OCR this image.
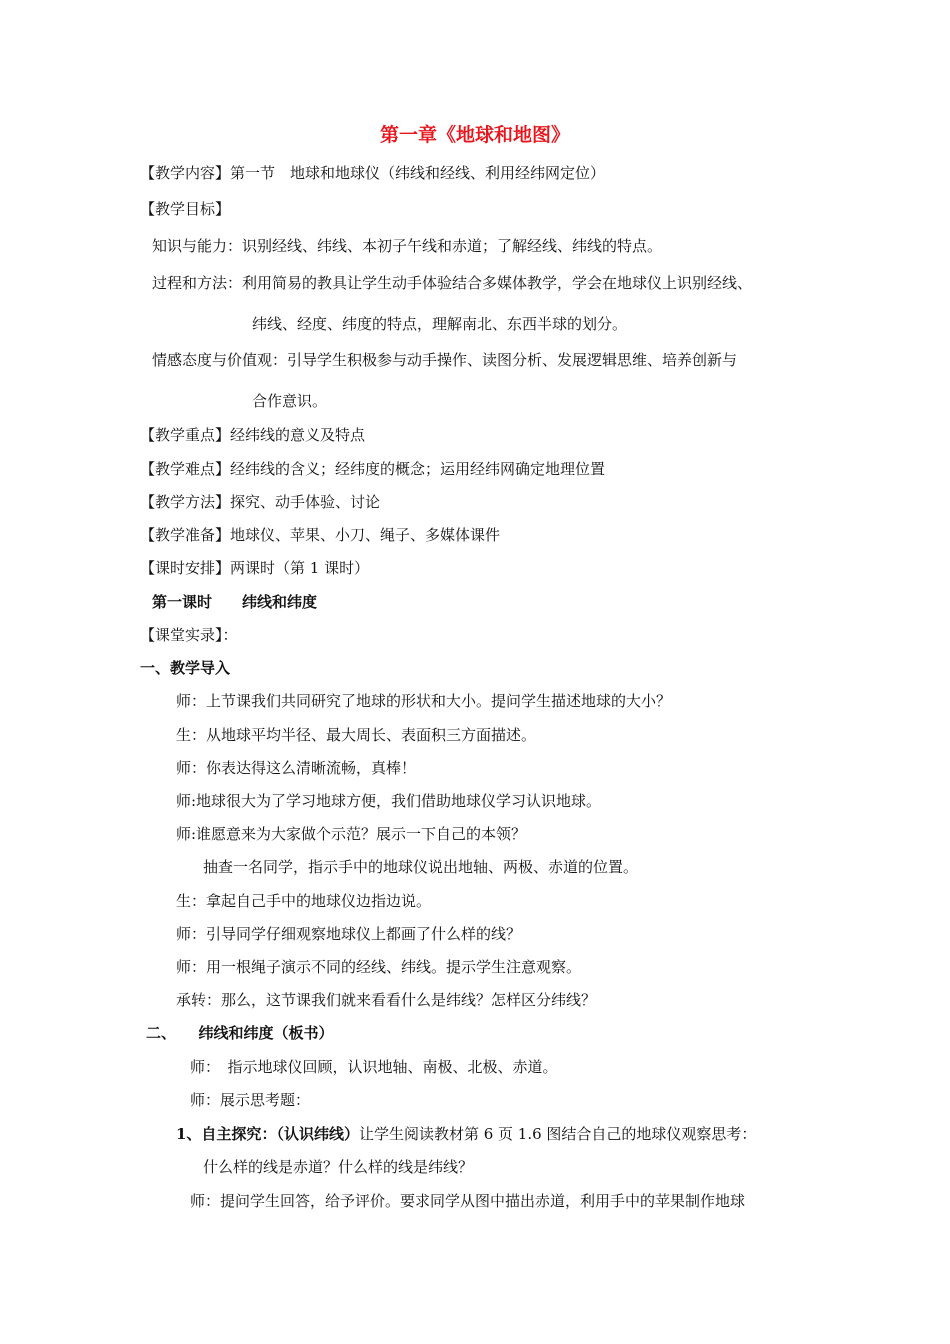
第一章《地球和地图》
【教学内容】第一节　地球和地球仪（纬线和经线、利用经纬网定位）
【教学目标】
知识与能力：识别经线、纬线、本初子午线和赤道；了解经线、纬线的特点。
过程和方法：利用简易的教具让学生动手体验结合多媒体教学，学会在地球仪上识别经线、
纬线、经度、纬度的特点，理解南北、东西半球的划分。
情感态度与价值观：引导学生积极参与动手操作、读图分析、发展逻辑思维、培养创新与
合作意识。
【教学重点】经纬线的意义及特点
【教学难点】经纬线的含义；经纬度的概念；运用经纬网确定地理位置
【教学方法】探究、动手体验、讨论
【教学准备】地球仪、苹果、小刀、绳子、多媒体课件
【课时安排】两课时（第 1 课时）
第一课时　　纬线和纬度
【课堂实录】：
一、教学导入
师：上节课我们共同研究了地球的形状和大小。提问学生描述地球的大小？
生：从地球平均半径、最大周长、表面积三方面描述。
师：你表达得这么清晰流畅，真棒！
师:地球很大为了学习地球方便，我们借助地球仪学习认识地球。
师:谁愿意来为大家做个示范？展示一下自己的本领？
抽查一名同学，指示手中的地球仪说出地轴、两极、赤道的位置。
生：拿起自己手中的地球仪边指边说。
师：引导同学仔细观察地球仪上都画了什么样的线？
师：用一根绳子演示不同的经线、纬线。提示学生注意观察。
承转：那么，这节课我们就来看看什么是纬线？怎样区分纬线？
二、　　纬线和纬度（板书）
师：　指示地球仪回顾，认识地轴、南极、北极、赤道。
师：展示思考题：
1、自主探究：（认识纬线）让学生阅读教材第 6 页 1.6 图结合自己的地球仪观察思考：
什么样的线是赤道？什么样的线是纬线？
师：提问学生回答，给予评价。要求同学从图中描出赤道，利用手中的苹果制作地球
